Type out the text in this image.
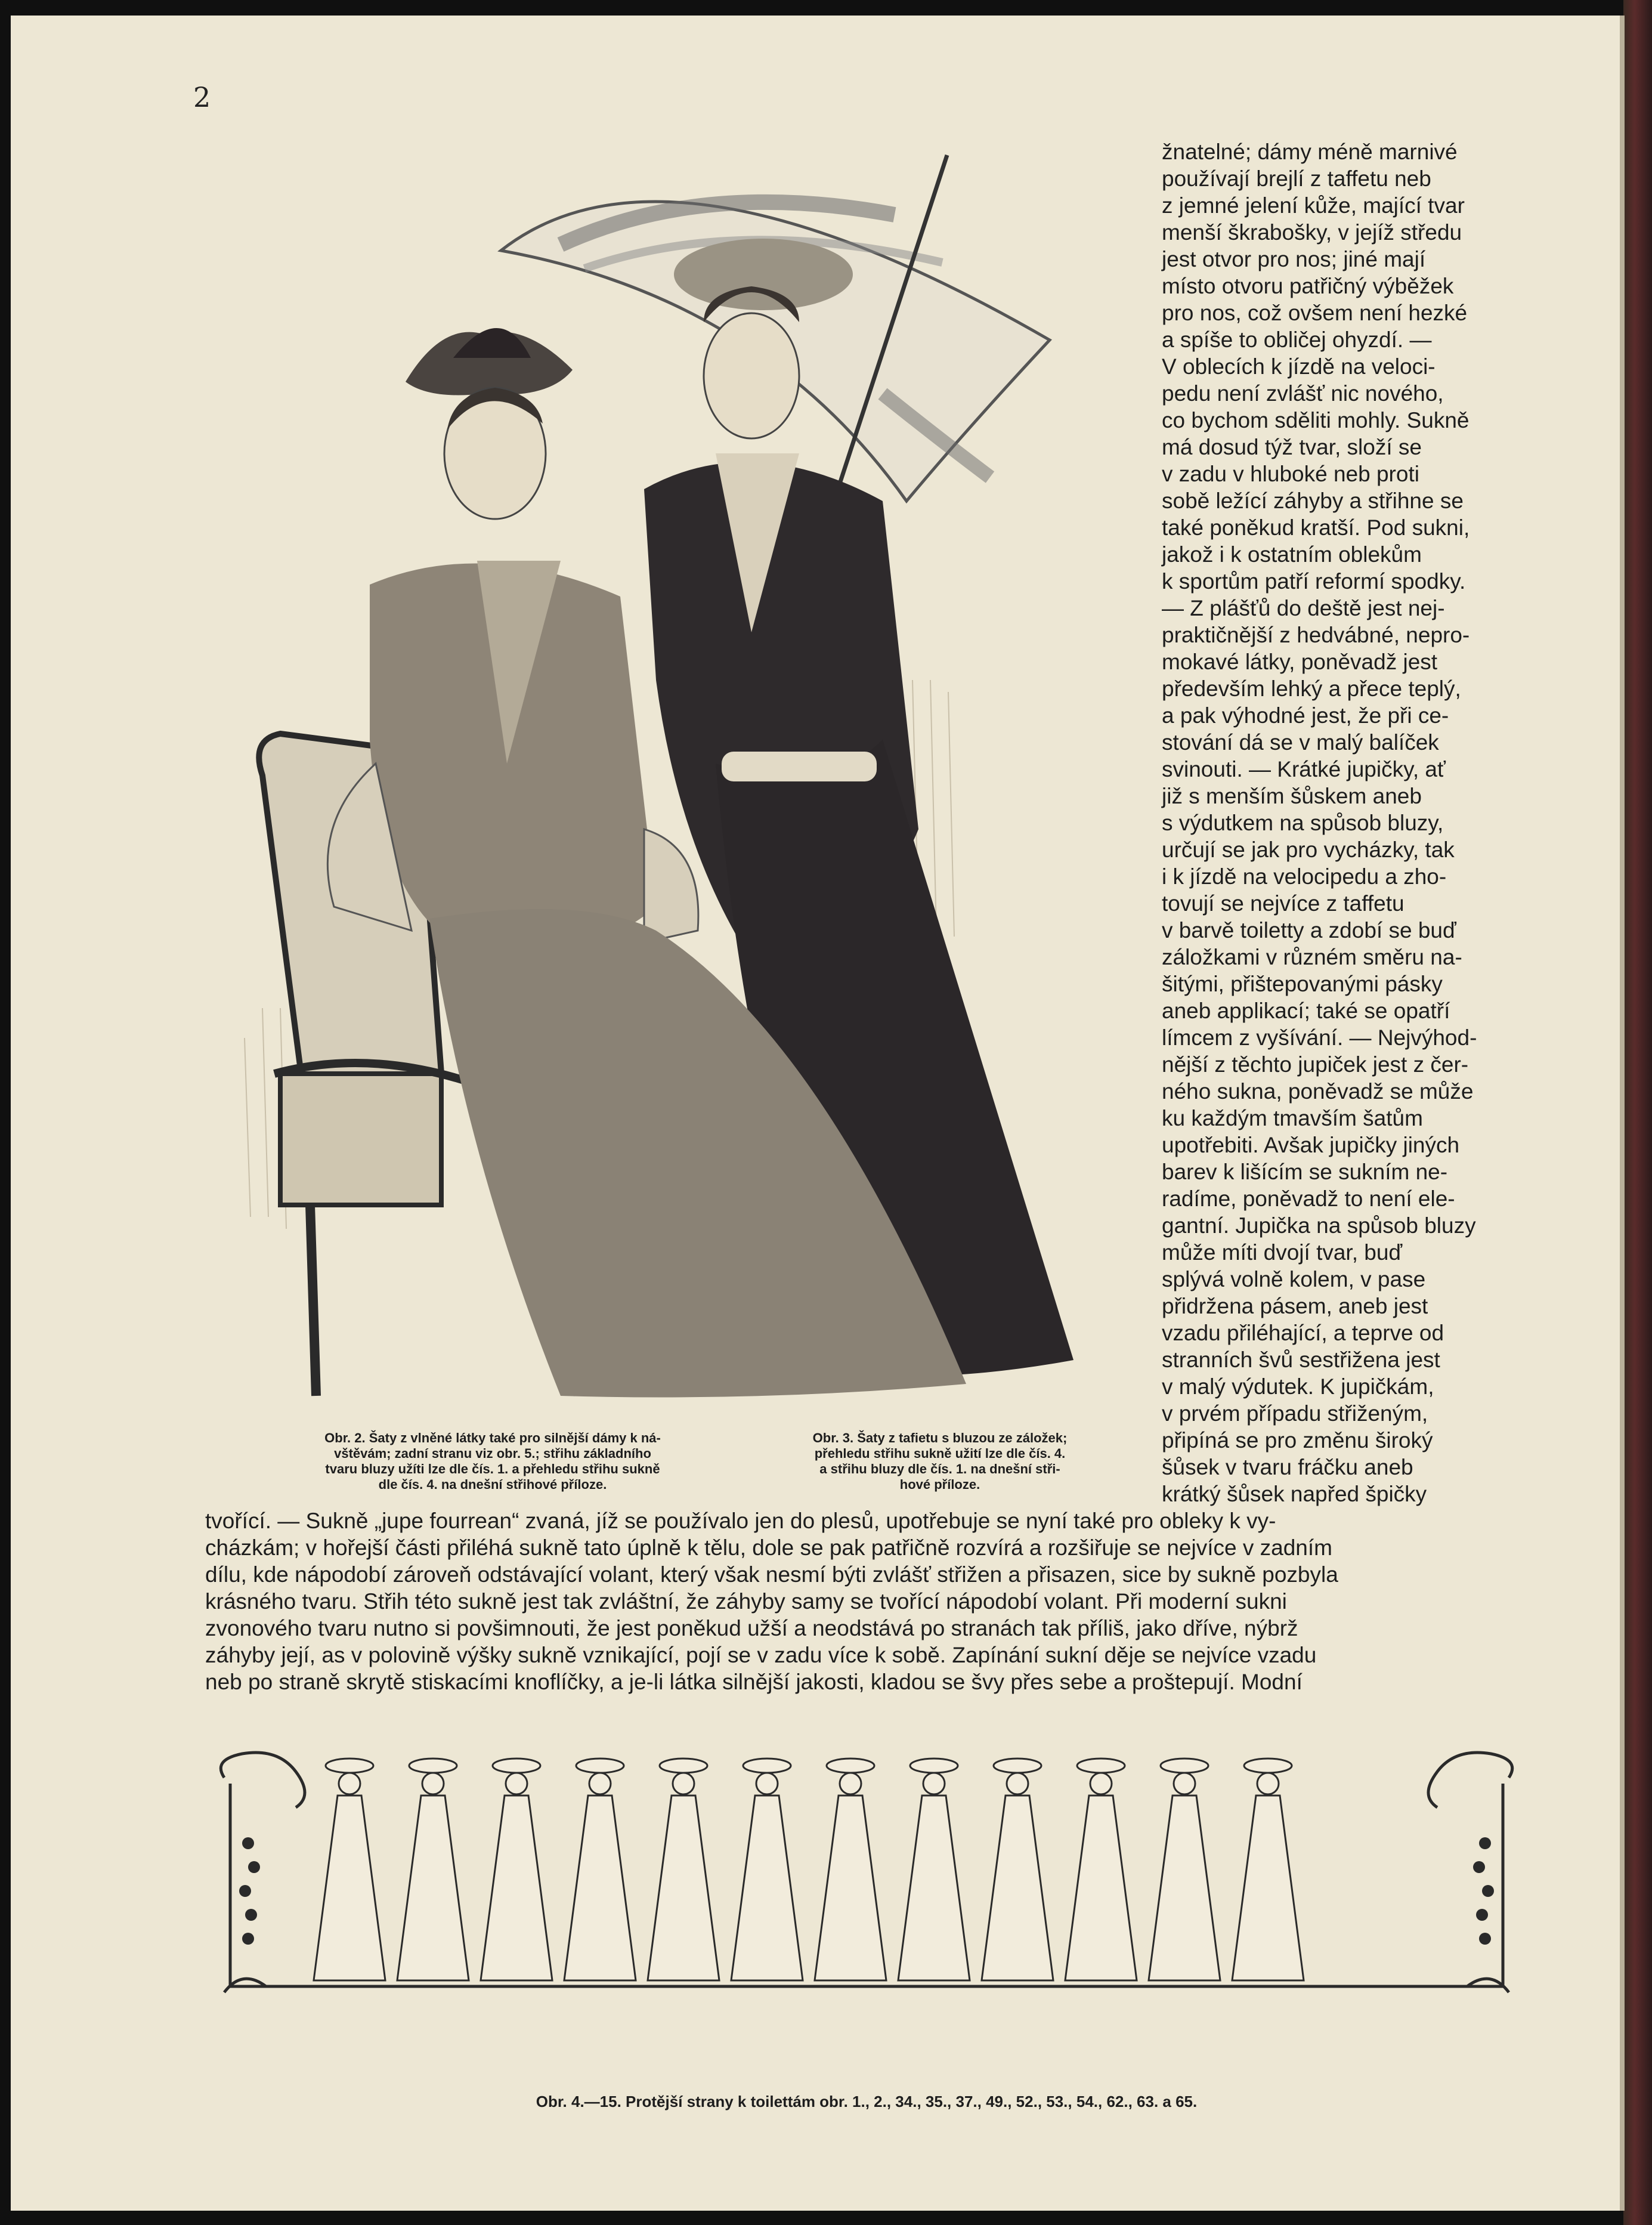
2
žnatelné; dámy méně marnivé
používají brejlí z taffetu neb
z jemné jelení kůže, mající tvar
menší škrabošky, v jejíž středu
jest otvor pro nos; jiné mají
místo otvoru patřičný výběžek
pro nos, což ovšem není hezké
a spíše to obličej ohyzdí. —
V oblecích k jízdě na veloci-
pedu není zvlášť nic nového,
co bychom sděliti mohly. Sukně
má dosud týž tvar, složí se
v zadu v hluboké neb proti
sobě ležící záhyby a střihne se
také poněkud kratší. Pod sukni,
jakož i k ostatním oblekům
k sportům patří reformí spodky.
— Z plášťů do deště jest nej-
praktičnější z hedvábné, nepro-
mokavé látky, poněvadž jest
především lehký a přece teplý,
a pak výhodné jest, že při ce-
stování dá se v malý balíček
svinouti. — Krátké jupičky, ať
již s menším šůskem aneb
s výdutkem na spůsob bluzy,
určují se jak pro vycházky, tak
i k jízdě na velocipedu a zho-
tovují se nejvíce z taffetu
v barvě toiletty a zdobí se buď
záložkami v různém směru na-
šitými, přištepovanými pásky
aneb applikací; také se opatří
límcem z vyšívání. — Nejvýhod-
nější z těchto jupiček jest z čer-
ného sukna, poněvadž se může
ku každým tmavším šatům
upotřebiti. Avšak jupičky jiných
barev k lišícím se sukním ne-
radíme, poněvadž to není ele-
gantní. Jupička na spůsob bluzy
může míti dvojí tvar, buď
splývá volně kolem, v pase
přidržena pásem, aneb jest
vzadu přiléhající, a teprve od
stranních švů sestřižena jest
v malý výdutek. K jupičkám,
v prvém případu střiženým,
připíná se pro změnu široký
šůsek v tvaru fráčku aneb
krátký šůsek napřed špičky
Obr. 2. Šaty z vlněné látky také pro silnější dámy k ná-
vštěvám; zadní stranu viz obr. 5.; střihu základního
tvaru bluzy užíti lze dle čís. 1. a přehledu střihu sukně
dle čís. 4. na dnešní střihové příloze.
Obr. 3. Šaty z tafietu s bluzou ze záložek;
přehledu střihu sukně užití lze dle čís. 4.
a střihu bluzy dle čís. 1. na dnešní stři-
hové příloze.
tvořící. — Sukně „jupe fourrean“ zvaná, jíž se používalo jen do plesů, upotřebuje se nyní také pro obleky k vy-
cházkám; v hořejší části přiléhá sukně tato úplně k tělu, dole se pak patřičně rozvírá a rozšiřuje se nejvíce v zadním
dílu, kde nápodobí zároveň odstávající volant, který však nesmí býti zvlášť střižen a přisazen, sice by sukně pozbyla
krásného tvaru. Střih této sukně jest tak zvláštní, že záhyby samy se tvořící nápodobí volant. Při moderní sukni
zvonového tvaru nutno si povšimnouti, že jest poněkud užší a neodstává po stranách tak příliš, jako dříve, nýbrž
záhyby její, as v polovině výšky sukně vznikající, pojí se v zadu více k sobě. Zapínání sukní děje se nejvíce vzadu
neb po straně skrytě stiskacími knoflíčky, a je-li látka silnější jakosti, kladou se švy přes sebe a proštepují. Modní
Obr. 4.—15. Protější strany k toilettám obr. 1., 2., 34., 35., 37., 49., 52., 53., 54., 62., 63. a 65.
